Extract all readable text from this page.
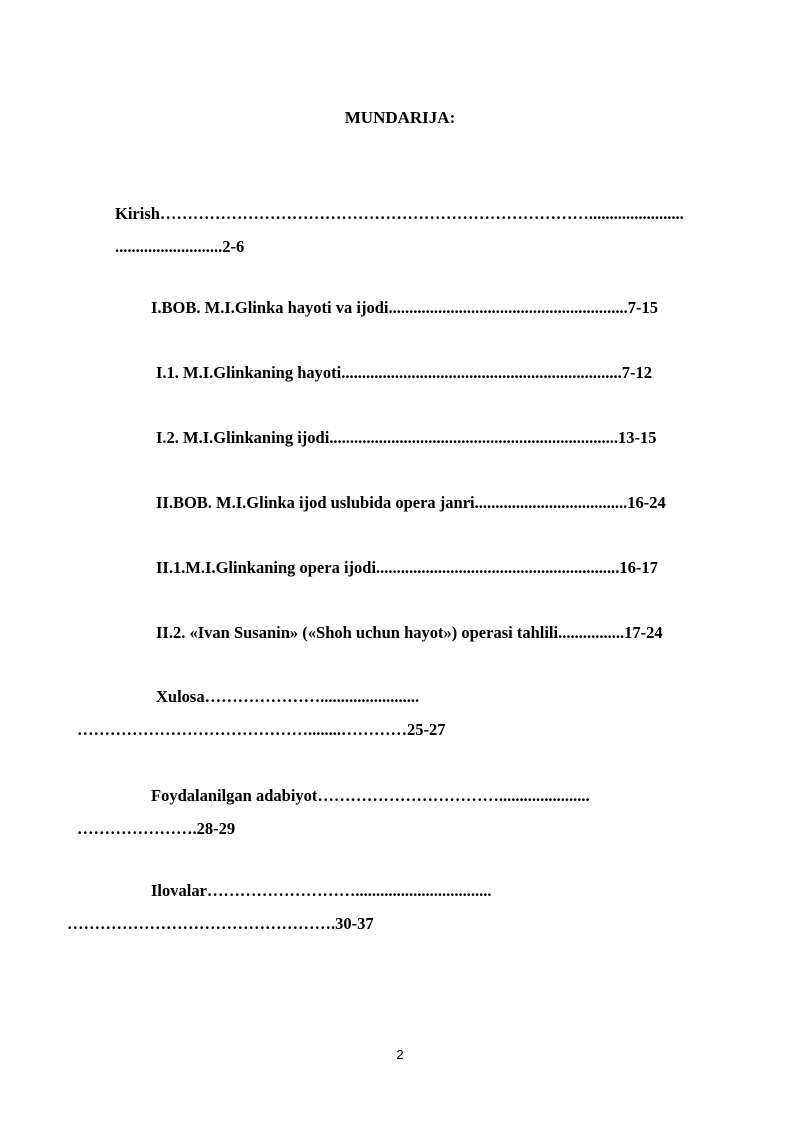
MUNDARIJA:
Kirish…………………………………………………………………….......................
..........................2-6
I.BOB. M.I.Glinka hayoti va ijodi..........................................................7-15
I.1. M.I.Glinkaning hayoti....................................................................7-12
I.2. M.I.Glinkaning ijodi......................................................................13-15
II.BOB. M.I.Glinka ijod uslubida opera janri.....................................16-24
II.1.M.I.Glinkaning opera ijodi...........................................................16-17
II.2. «Ivan Susanin» («Shoh uchun hayot») operasi tahlili................17-24
Xulosa…………………........................
……………………………………........…………25-27
Foydalanilgan adabiyot……………………………......................
………………….28-29
Ilovalar……………………….................................
………………………………………….30-37
2
